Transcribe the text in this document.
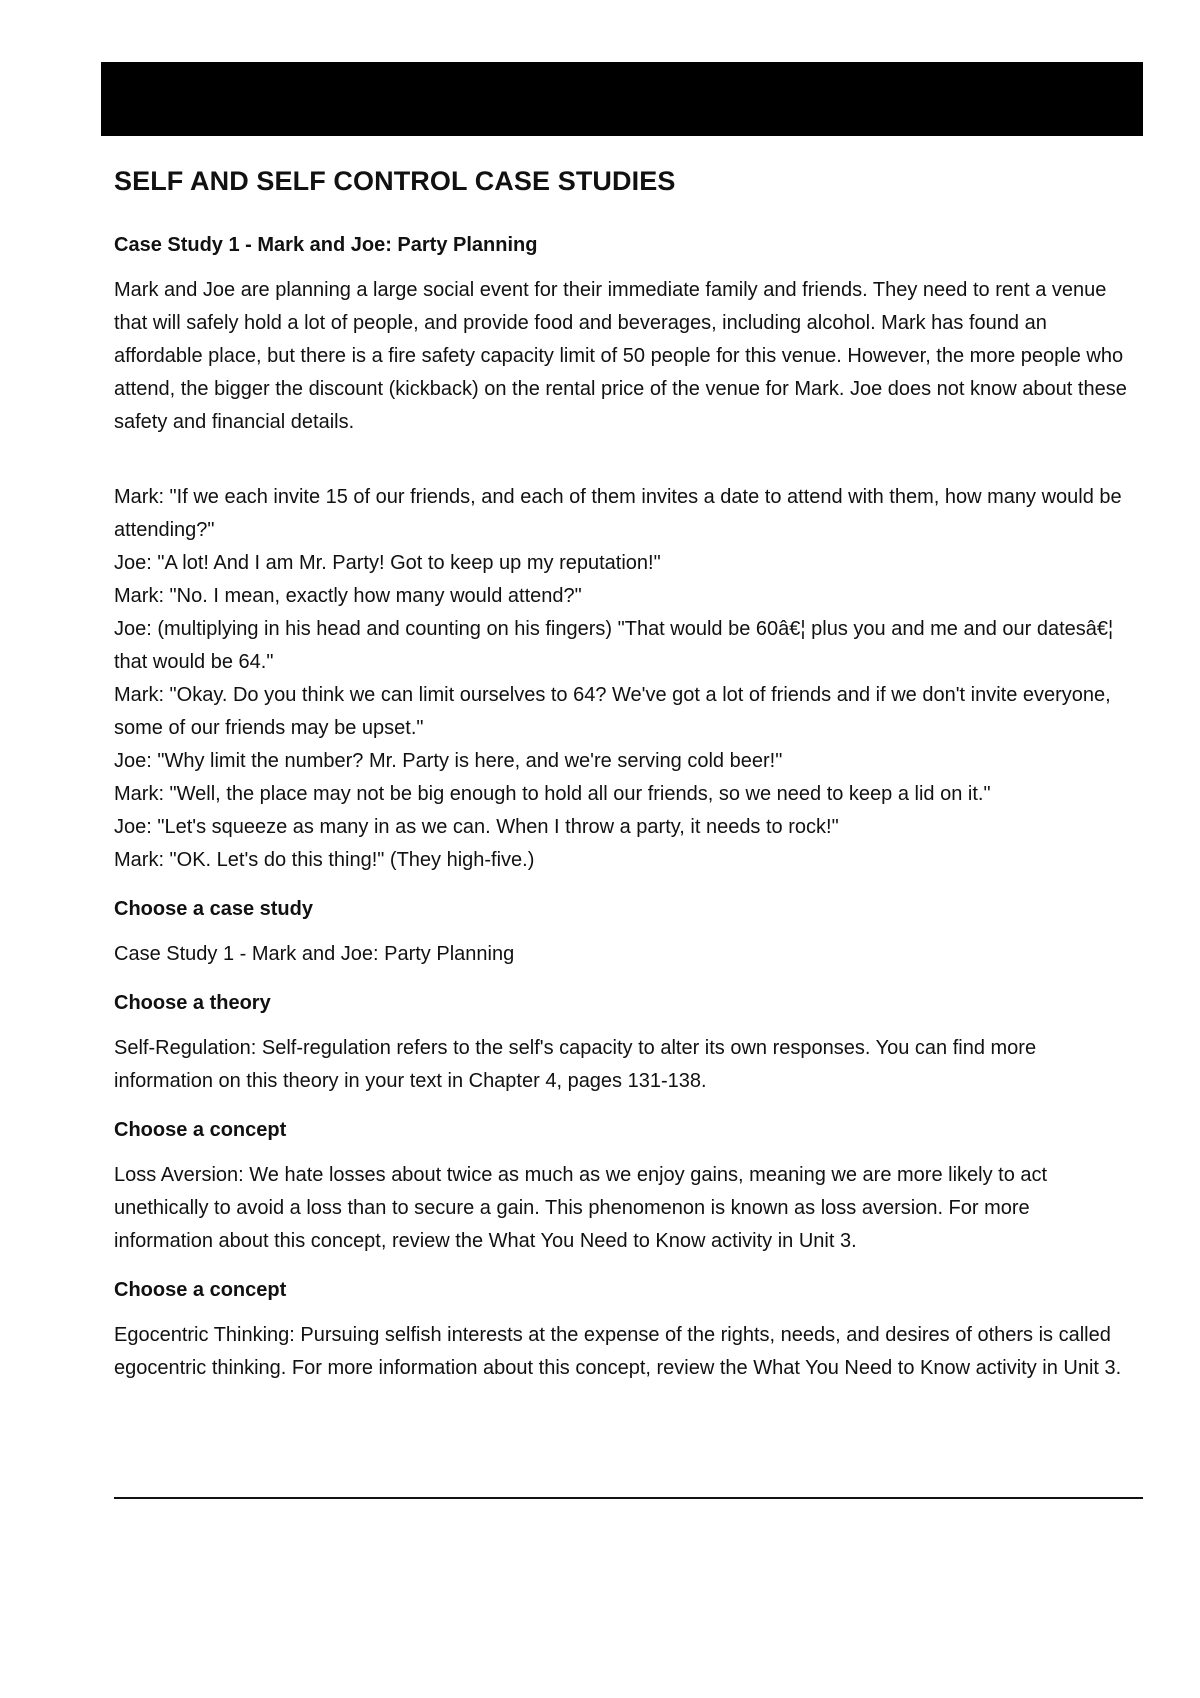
SELF AND SELF CONTROL CASE STUDIES
Case Study 1 - Mark and Joe: Party Planning

Mark and Joe are planning a large social event for their immediate family and friends. They need to rent a venue that will safely hold a lot of people, and provide food and beverages, including alcohol. Mark has found an affordable place, but there is a fire safety capacity limit of 50 people for this venue. However, the more people who attend, the bigger the discount (kickback) on the rental price of the venue for Mark. Joe does not know about these safety and financial details.

Mark: "If we each invite 15 of our friends, and each of them invites a date to attend with them, how many would be attending?"
Joe: "A lot! And I am Mr. Party! Got to keep up my reputation!"
Mark: "No. I mean, exactly how many would attend?"
Joe: (multiplying in his head and counting on his fingers) "That would be 60â€¦ plus you and me and our datesâ€¦ that would be 64."
Mark: "Okay. Do you think we can limit ourselves to 64? We've got a lot of friends and if we don't invite everyone, some of our friends may be upset."
Joe: "Why limit the number? Mr. Party is here, and we're serving cold beer!"
Mark: "Well, the place may not be big enough to hold all our friends, so we need to keep a lid on it."
Joe: "Let's squeeze as many in as we can. When I throw a party, it needs to rock!"
Mark: "OK. Let's do this thing!" (They high-five.)
Choose a case study

Case Study 1 - Mark and Joe: Party Planning

Choose a theory

Self-Regulation: Self-regulation refers to the self's capacity to alter its own responses. You can find more information on this theory in your text in Chapter 4, pages 131-138.

Choose a concept

Loss Aversion: We hate losses about twice as much as we enjoy gains, meaning we are more likely to act unethically to avoid a loss than to secure a gain. This phenomenon is known as loss aversion. For more information about this concept, review the What You Need to Know activity in Unit 3.

Choose a concept

Egocentric Thinking: Pursuing selfish interests at the expense of the rights, needs, and desires of others is called egocentric thinking. For more information about this concept, review the What You Need to Know activity in Unit 3.
